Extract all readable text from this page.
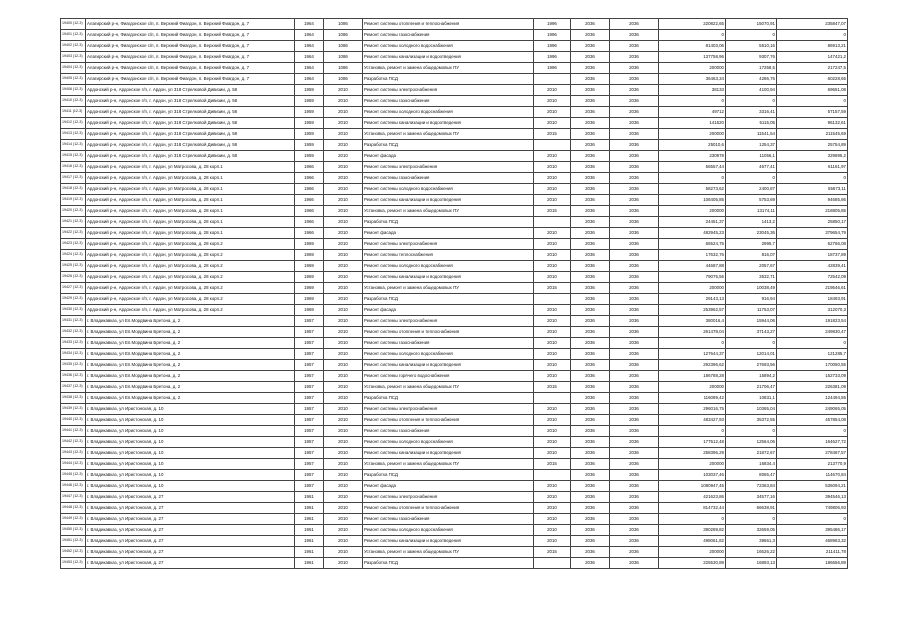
19400 (12-3)	Алагирский р-н, Фиагдонское с/п, п. Верхний Фиагдон, п. Верхний Фиагдон, д. 7	1964	1086	Ремонт системы отопления и теплоснабжения	1996	2036	2036	220822,65	15070,91	235847,07
19401 (12-3)	Алагирский р-н, Фиагдонское с/п, п. Верхний Фиагдон, п. Верхний Фиагдон, д. 7	1964	1086	Ремонт системы газоснабжения	1996	2036	2036	0	0	0
19402 (12-3)	Алагирский р-н, Фиагдонское с/п, п. Верхний Фиагдон, п. Верхний Фиагдон, д. 7	1964	1086	Ремонт системы холодного водоснабжения	1996	2036	2036	81403,06	5510,16	86913,21
19403 (12-3)	Алагирский р-н, Фиагдонское с/п, п. Верхний Фиагдон, п. Верхний Фиагдон, д. 7	1964	1086	Ремонт системы канализации и водоотведения	1996	2036	2036	137758,96	9307,76	147421,2
19404 (12-3)	Алагирский р-н, Фиагдонское с/п, п. Верхний Фиагдон, п. Верхний Фиагдон, д. 7	1964	1086	Установка, ремонт и замена общедомовых ПУ	1996	2036	2036	200000	17258,5	217247,5
19405 (12-3)	Алагирский р-н, Фиагдонское с/п, п. Верхний Фиагдон, п. Верхний Фиагдон, д. 7	1964	1086	Разработка ПСД		2036	2036	36463,34	4286,76	60228,65
19406 (12-3)	Ардонский р-н, Ардонское г/п, г. Ардон, ул 318 Стрелковой Дивизии, д. 58	1959	2010	Ремонт системы электроснабжения	2010	2036	2036	38133	4100,94	69651,08
19410 (12-3)	Ардонский р-н, Ардонское г/п, г. Ардон, ул 318 Стрелковой Дивизии, д. 58	1959	2010	Ремонт системы газоснабжения	2010	2036	2036	0	0	0
19411 (12-3)	Ардонский р-н, Ардонское г/п, г. Ардон, ул 318 Стрелковой Дивизии, д. 58	1959	2010	Ремонт системы холодного водоснабжения	2010	2036	2036	49712	3316,41	57157,59
19412 (12-3)	Ардонский р-н, Ардонское г/п, г. Ардон, ул 318 Стрелковой Дивизии, д. 58	1959	2010	Ремонт системы канализации и водоотведения	2010	2036	2036	141520	5115,05	96132,61
19413 (12-3)	Ардонский р-н, Ардонское г/п, г. Ардон, ул 318 Стрелковой Дивизии, д. 58	1959	2010	Установка, ремонт и замена общедомовых ПУ	2015	2036	2036	200000	11541,54	211545,69
19414 (12-3)	Ардонский р-н, Ардонское г/п, г. Ардон, ул 318 Стрелковой Дивизии, д. 58	1959	2010	Разработка ПСД		2036	2036	25010,6	1254,37	25754,89
19415 (12-3)	Ардонский р-н, Ардонское г/п, г. Ардон, ул 318 Стрелковой Дивизии, д. 58	1959	2010	Ремонт фасада	2010	2036	2036	230978	11056,1	329895,2
19416 (12-3)	Ардонский р-н, Ардонское г/п, г. Ардон, ул Матросова, д. 28 корп.1	1966	2010	Ремонт системы электроснабжения	2010	2036	2036	56557,44	4677,41	61161,97
19417 (12-3)	Ардонский р-н, Ардонское г/п, г. Ардон, ул Матросова, д. 28 корп.1	1966	2010	Ремонт системы газоснабжения	2010	2036	2036	0	0	0
19418 (12-3)	Ардонский р-н, Ардонское г/п, г. Ардон, ул Матросова, д. 28 корп.1	1966	2010	Ремонт системы холодного водоснабжения	2010	2036	2036	58273,62	2400,87	55673,11
19419 (12-3)	Ардонский р-н, Ардонское г/п, г. Ардон, ул Матросова, д. 28 корп.1	1966	2010	Ремонт системы канализации и водоотведения	2010	2036	2036	108405,85	5753,69	94685,86
19420 (12-3)	Ардонский р-н, Ардонское г/п, г. Ардон, ул Матросова, д. 28 корп.1	1966	2010	Установка, ремонт и замена общедомовых ПУ	2015	2036	2036	200000	13174,11	218805,85
19421 (12-3)	Ардонский р-н, Ардонское г/п, г. Ардон, ул Матросова, д. 28 корп.1	1966	2010	Разработка ПСД		2036	2036	24451,37	1413,2	25850,17
19422 (12-3)	Ардонский р-н, Ардонское г/п, г. Ардон, ул Матросова, д. 28 корп.1	1966	2010	Ремонт фасада	2010	2036	2036	482945,23	23045,36	379654,79
19423 (12-3)	Ардонский р-н, Ардонское г/п, г. Ардон, ул Матросова, д. 28 корп.2	1969	2010	Ремонт системы электроснабжения	2010	2036	2036	65524,75	2996,7	62766,08
19424 (12-3)	Ардонский р-н, Ардонское г/п, г. Ардон, ул Матросова, д. 28 корп.2	1969	2010	Ремонт системы теплоснабжения	2010	2036	2036	17632,76	816,07	18737,89
19425 (12-3)	Ардонский р-н, Ардонское г/п, г. Ардон, ул Матросова, д. 28 корп.2	1969	2010	Ремонт системы холодного водоснабжения	2010	2036	2036	44687,88	2057,67	42839,41
19426 (12-3)	Ардонский р-н, Ардонское г/п, г. Ардон, ул Матросова, д. 28 корп.2	1969	2010	Ремонт системы канализации и водоотведения	2010	2036	2036	79075,56	3532,71	72542,09
19427 (12-3)	Ардонский р-н, Ардонское г/п, г. Ардон, ул Матросова, д. 28 корп.2	1969	2010	Установка, ремонт и замена общедомовых ПУ	2015	2036	2036	200000	10038,49	219546,61
19429 (12-3)	Ардонский р-н, Ардонское г/п, г. Ардон, ул Матросова, д. 28 корп.2	1969	2010	Разработка ПСД		2036	2036	29143,13	916,94	18493,91
19430 (12-3)	Ардонский р-н, Ардонское г/п, г. Ардон, ул Матросова, д. 28 корп.2	1969	2010	Ремонт фасада	2010	2036	2036	253962,57	11753,07	312070,3
19431 (12-3)	г. Владикавказ, ул Еп.Мордвина Бретона, д. 2	1957	2010	Ремонт системы электроснабжения	2010	2036	2036	380016,4	15944,06	191823,54
19432 (12-3)	г. Владикавказ, ул Еп.Мордвина Бретона, д. 2	1957	2010	Ремонт системы отопления и теплоснабжения	2010	2036	2036	261478,04	37143,27	249830,47
19433 (12-3)	г. Владикавказ, ул Еп.Мордвина Бретона, д. 2	1957	2010	Ремонт системы газоснабжения	2010	2036	2036	0	0	0
19434 (12-3)	г. Владикавказ, ул Еп.Мордвина Бретона, д. 2	1957	2010	Ремонт системы холодного водоснабжения	2010	2036	2036	127644,37	12014,01	121285,7
19435 (12-3)	г. Владикавказ, ул Еп.Мордвина Бретона, д. 2	1957	2010	Ремонт системы канализации и водоотведения	2010	2036	2036	292396,62	27693,56	170050,55
19436 (12-3)	г. Владикавказ, ул Еп.Мордвина Бретона, д. 2	1957	2010	Ремонт системы горячего водоснабжения	2010	2036	2036	186788,28	15894,2	152733,09
19437 (12-3)	г. Владикавказ, ул Еп.Мордвина Бретона, д. 2	1957	2010	Установка, ремонт и замена общедомовых ПУ	2015	2036	2036	200000	21706,47	226381,09
19438 (12-3)	г. Владикавказ, ул Еп.Мордвина Бретона, д. 2	1957	2010	Разработка ПСД		2036	2036	116089,42	10831,1	124494,55
19439 (12-3)	г. Владикавказ, ул Иристонская, д. 10	1957	2010	Ремонт системы электроснабжения	2010	2036	2036	296016,75	10365,04	249065,05
19440 (12-3)	г. Владикавказ, ул Иристонская, д. 10	1957	2010	Ремонт системы отопления и теплоснабжения	2010	2036	2036	483427,93	35372,55	457854,08
19441 (12-3)	г. Владикавказ, ул Иристонская, д. 10	1957	2010	Ремонт системы газоснабжения	2010	2036	2036	0	0	0
19442 (12-3)	г. Владикавказ, ул Иристонская, д. 10	1957	2010	Ремонт системы холодного водоснабжения	2010	2036	2036	177512,48	12564,06	164627,72
19443 (12-3)	г. Владикавказ, ул Иристонская, д. 10	1957	2010	Ремонт системы канализации и водоотведения	2010	2036	2036	258396,29	21872,67	278487,57
19444 (12-3)	г. Владикавказ, ул Иристонская, д. 10	1957	2010	Установка, ремонт и замена общедомовых ПУ	2015	2036	2036	200000	16834,4	213770,9
19445 (12-3)	г. Владикавказ, ул Иристонская, д. 10	1957	2010	Разработка ПСД		2036	2036	103037,46	8065,47	114670,84
19446 (12-3)	г. Владикавказ, ул Иристонская, д. 10	1957	2010	Ремонт фасада	2010	2036	2036	1080947,45	72363,84	536094,21
19447 (12-3)	г. Владикавказ, ул Иристонская, д. 27	1961	2010	Ремонт системы электроснабжения	2010	2036	2036	421623,86	34577,16	394546,13
19448 (12-3)	г. Владикавказ, ул Иристонская, д. 27	1961	2010	Ремонт системы отопления и теплоснабжения	2010	2036	2036	814732,44	66638,91	749806,93
19449 (12-3)	г. Владикавказ, ул Иристонская, д. 27	1961	2010	Ремонт системы газоснабжения	2010	2036	2036	0	0	0
19450 (12-3)	г. Владикавказ, ул Иристонская, д. 27	1961	2010	Ремонт системы холодного водоснабжения	2010	2036	2036	390289,82	32659,05	395486,17
19451 (12-3)	г. Владикавказ, ул Иристонская, д. 27	1961	2010	Ремонт системы канализации и водоотведения	2010	2036	2036	498061,82	39661,3	468963,32
19452 (12-3)	г. Владикавказ, ул Иристонская, д. 27	1961	2010	Установка, ремонт и замена общедомовых ПУ	2015	2036	2036	200000	16526,22	211411,78
19453 (12-3)	г. Владикавказ, ул Иристонская, д. 27	1961	2010	Разработка ПСД		2036	2036	225530,89	16893,13	186656,89
